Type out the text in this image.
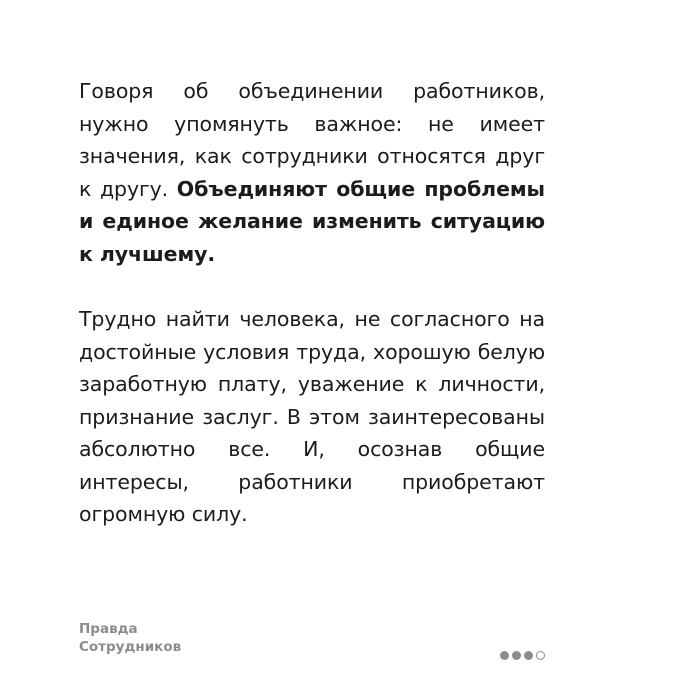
Говоря об объединении работников, нужно упомянуть важное: не имеет значения, как сотрудники относятся друг к другу. Объединяют общие проблемы и единое желание изменить ситуацию к лучшему.

Трудно найти человека, не согласного на достойные условия труда, хорошую белую заработную плату, уважение к личности, признание заслуг. В этом заинтересованы абсолютно все. И, осознав общие интересы, работники приобретают огромную силу.

Правда
Сотрудников
